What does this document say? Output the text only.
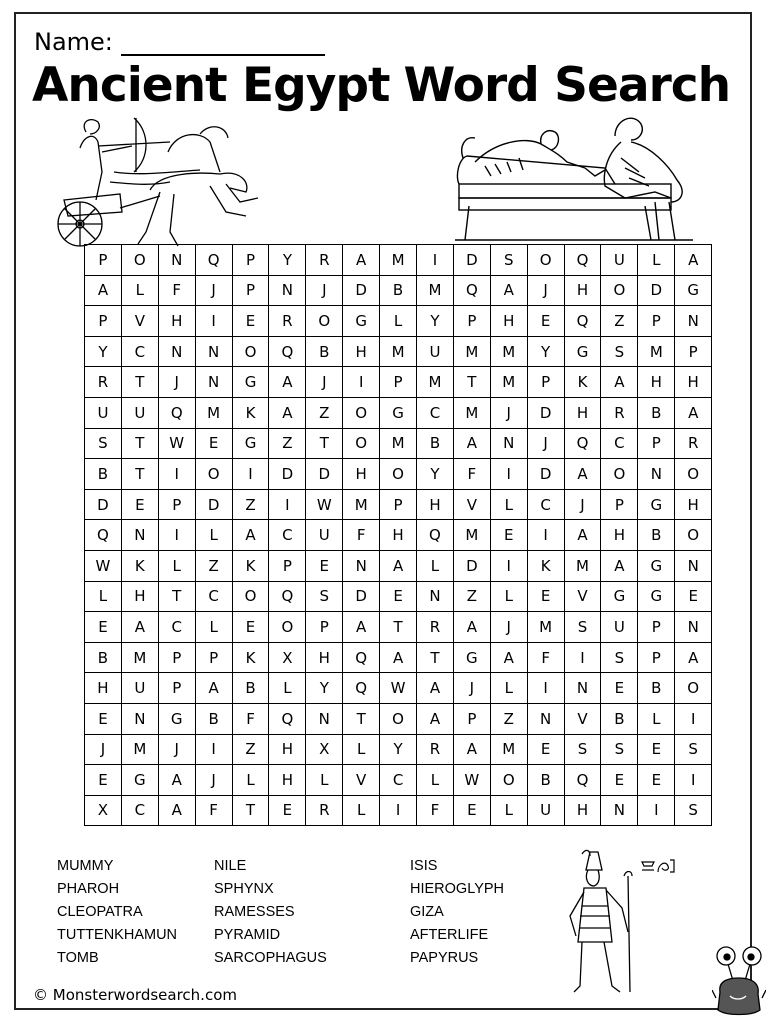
Name:
Ancient Egypt Word Search
P	O	N	Q	P	Y	R	A	M	I	D	S	O	Q	U	L	A
A	L	F	J	P	N	J	D	B	M	Q	A	J	H	O	D	G
P	V	H	I	E	R	O	G	L	Y	P	H	E	Q	Z	P	N
Y	C	N	N	O	Q	B	H	M	U	M	M	Y	G	S	M	P
R	T	J	N	G	A	J	I	P	M	T	M	P	K	A	H	H
U	U	Q	M	K	A	Z	O	G	C	M	J	D	H	R	B	A
S	T	W	E	G	Z	T	O	M	B	A	N	J	Q	C	P	R
B	T	I	O	I	D	D	H	O	Y	F	I	D	A	O	N	O
D	E	P	D	Z	I	W	M	P	H	V	L	C	J	P	G	H
Q	N	I	L	A	C	U	F	H	Q	M	E	I	A	H	B	O
W	K	L	Z	K	P	E	N	A	L	D	I	K	M	A	G	N
L	H	T	C	O	Q	S	D	E	N	Z	L	E	V	G	G	E
E	A	C	L	E	O	P	A	T	R	A	J	M	S	U	P	N
B	M	P	P	K	X	H	Q	A	T	G	A	F	I	S	P	A
H	U	P	A	B	L	Y	Q	W	A	J	L	I	N	E	B	O
E	N	G	B	F	Q	N	T	O	A	P	Z	N	V	B	L	I
J	M	J	I	Z	H	X	L	Y	R	A	M	E	S	S	E	S
E	G	A	J	L	H	L	V	C	L	W	O	B	Q	E	E	I
X	C	A	F	T	E	R	L	I	F	E	L	U	H	N	I	S
MUMMY
PHAROH
CLEOPATRA
TUTTENKHAMUN
TOMB
NILE
SPHYNX
RAMESSES
PYRAMID
SARCOPHAGUS
ISIS
HIEROGLYPH
GIZA
AFTERLIFE
PAPYRUS
© Monsterwordsearch.com
